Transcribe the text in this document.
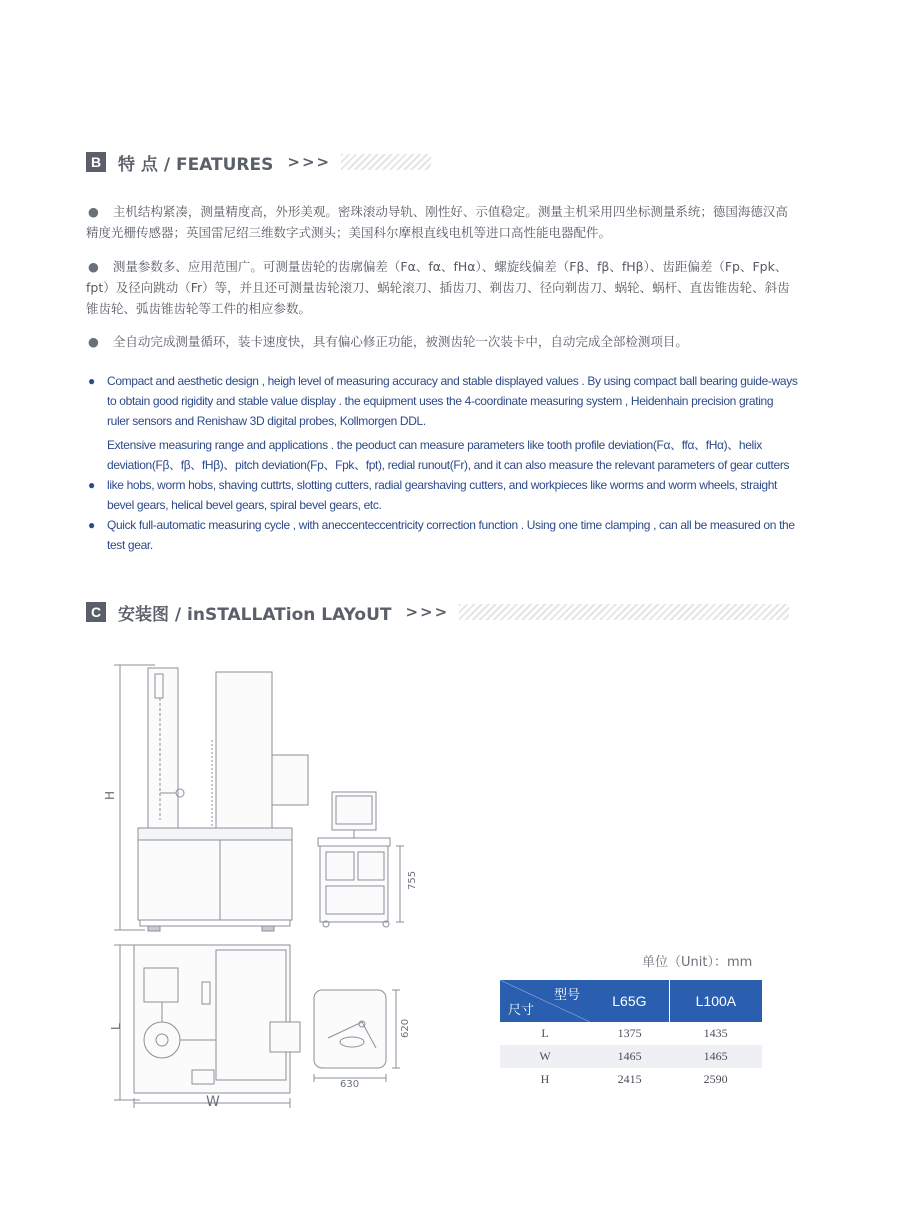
B 特 点 / FEATURES >>>
● 主机结构紧凑，测量精度高，外形美观。密珠滚动导轨、刚性好、示值稳定。测量主机采用四坐标测量系统；德国海德汉高精度光栅传感器；英国雷尼绍三维数字式测头；美国科尔摩根直线电机等进口高性能电器配件。
● 测量参数多、应用范围广。可测量齿轮的齿廓偏差（Fα、fα、fHα）、螺旋线偏差（Fβ、fβ、fHβ）、齿距偏差（Fp、Fpk、fpt）及径向跳动（Fr）等，并且还可测量齿轮滚刀、蜗轮滚刀、插齿刀、剃齿刀、径向剃齿刀、蜗轮、蜗杆、直齿锥齿轮、斜齿锥齿轮、弧齿锥齿轮等工件的相应参数。
● 全自动完成测量循环，装卡速度快，具有偏心修正功能，被测齿轮一次装卡中，自动完成全部检测项目。
● Compact and aesthetic design , heigh level of measuring accuracy and stable displayed values . By using compact ball bearing guide-ways to obtain good rigidity and stable value display . the equipment uses the 4-coordinate measuring system , Heidenhain precision grating ruler sensors and Renishaw 3D digital probes, Kollmorgen DDL.
●
Extensive measuring range and applications . the peoduct can measure parameters like tooth profile deviation(Fα、ffα、fHα)、helix deviation(Fβ、fβ、fHβ)、pitch deviation(Fp、Fpk、fpt), redial runout(Fr), and it can also measure the relevant parameters of gear cutters like hobs, worm hobs, shaving cuttrts, slotting cutters, radial gearshaving cutters, and workpieces like worms and worm wheels, straight bevel gears, helical bevel gears, spiral bevel gears, etc.
● Quick full-automatic measuring cycle , with aneccenteccentricity correction function . Using one time clamping , can all be measured on the test gear.
C 安装图 / inSTALLATion LAYoUT >>>
H
755
L
W
620
630
单位（Unit）：mm
型号
尺寸	L65G	L100A
L	1375	1435
W	1465	1465
H	2415	2590
